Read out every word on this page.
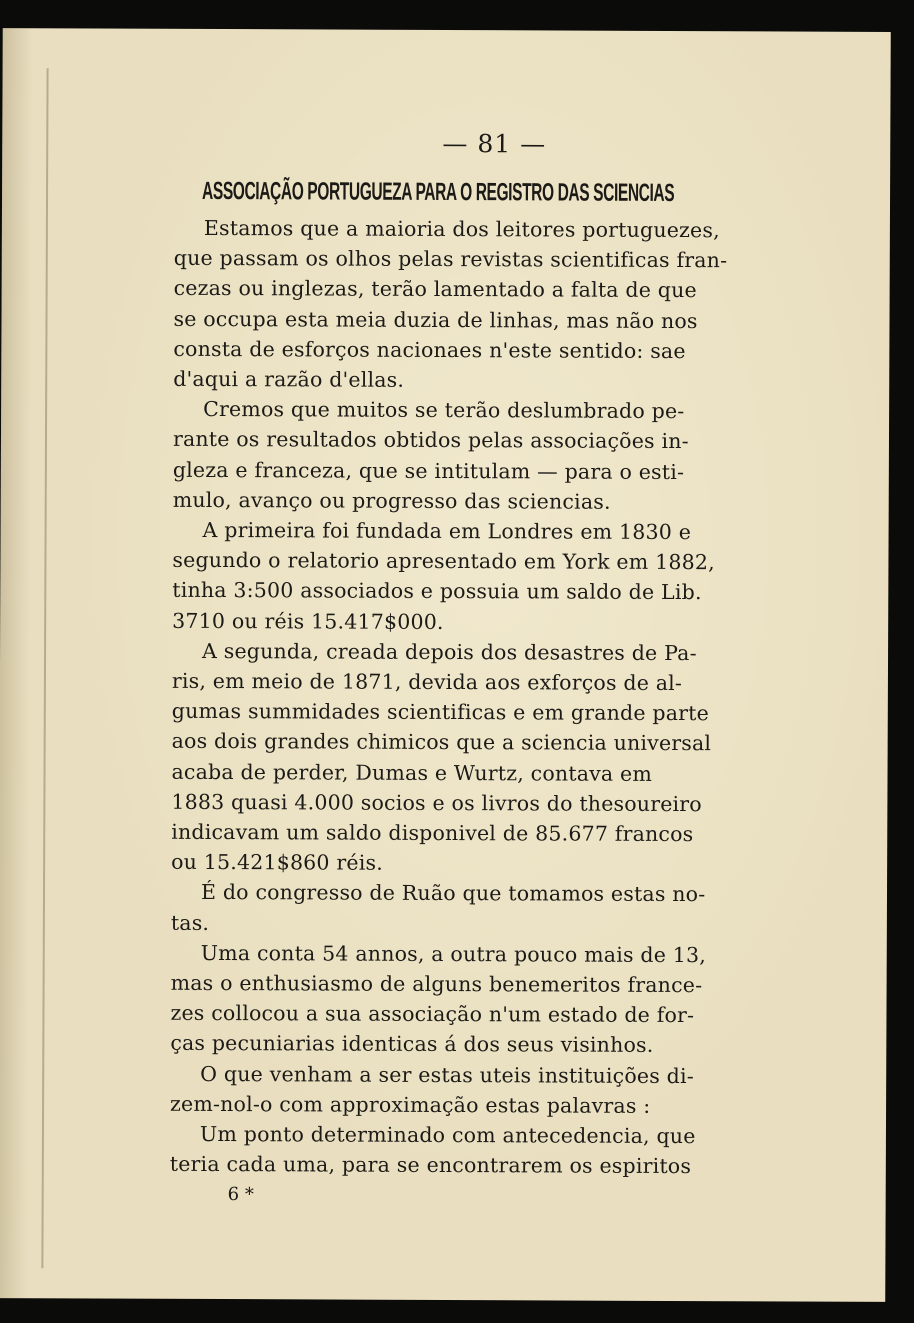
— 81 —
ASSOCIAÇÃO PORTUGUEZA PARA O REGISTRO DAS SCIENCIAS

Estamos que a maioria dos leitores portuguezes,
que passam os olhos pelas revistas scientificas fran-
cezas ou inglezas, terão lamentado a falta de que
se occupa esta meia duzia de linhas, mas não nos
consta de esforços nacionaes n'este sentido: sae
d'aqui a razão d'ellas.

Cremos que muitos se terão deslumbrado pe-
rante os resultados obtidos pelas associações in-
gleza e franceza, que se intitulam — para o esti-
mulo, avanço ou progresso das sciencias.

A primeira foi fundada em Londres em 1830 e
segundo o relatorio apresentado em York em 1882,
tinha 3:500 associados e possuia um saldo de Lib.
3710 ou réis 15.417$000.

A segunda, creada depois dos desastres de Pa-
ris, em meio de 1871, devida aos exforços de al-
gumas summidades scientificas e em grande parte
aos dois grandes chimicos que a sciencia universal
acaba de perder, Dumas e Wurtz, contava em
1883 quasi 4.000 socios e os livros do thesoureiro
indicavam um saldo disponivel de 85.677 francos
ou 15.421$860 réis.

É do congresso de Ruão que tomamos estas no-
tas.

Uma conta 54 annos, a outra pouco mais de 13,
mas o enthusiasmo de alguns benemeritos france-
zes collocou a sua associação n'um estado de for-
ças pecuniarias identicas á dos seus visinhos.

O que venham a ser estas uteis instituições di-
zem-nol-o com approximação estas palavras :

Um ponto determinado com antecedencia, que
teria cada uma, para se encontrarem os espiritos

6 *
